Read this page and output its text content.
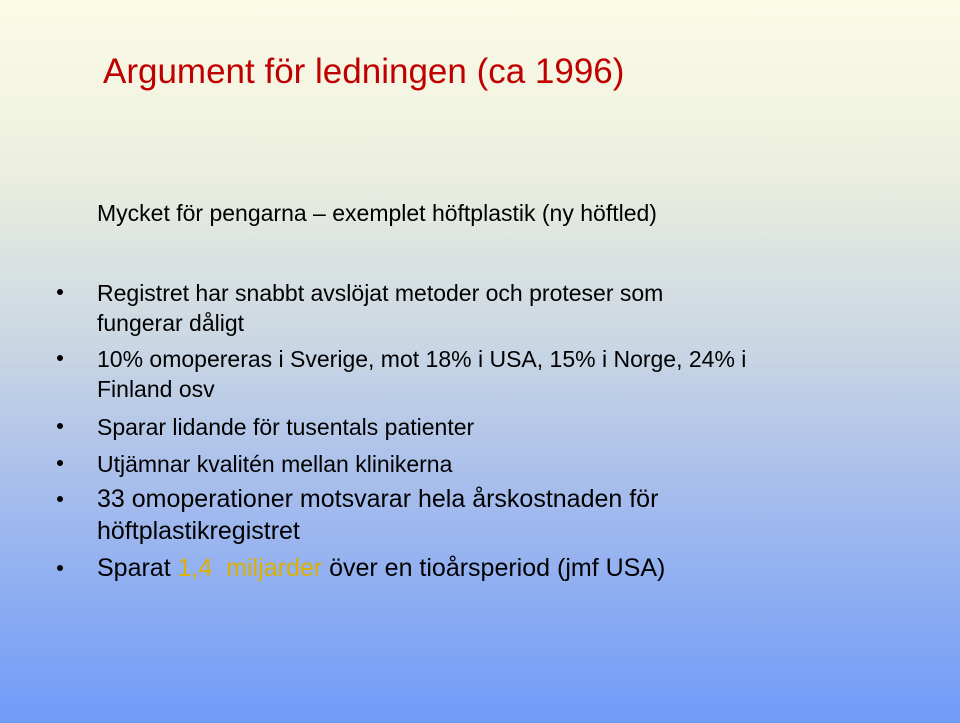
Argument för ledningen (ca 1996)
Mycket för pengarna – exemplet höftplastik (ny höftled)
Registret har snabbt avslöjat metoder och proteser som
fungerar dåligt
10% omopereras i Sverige, mot 18% i USA, 15% i Norge, 24% i
Finland osv
Sparar lidande för tusentals patienter
Utjämnar kvalitén mellan klinikerna
33 omoperationer motsvarar hela årskostnaden för
höftplastikregistret
Sparat 1,4 miljarder över en tioårsperiod (jmf USA)
